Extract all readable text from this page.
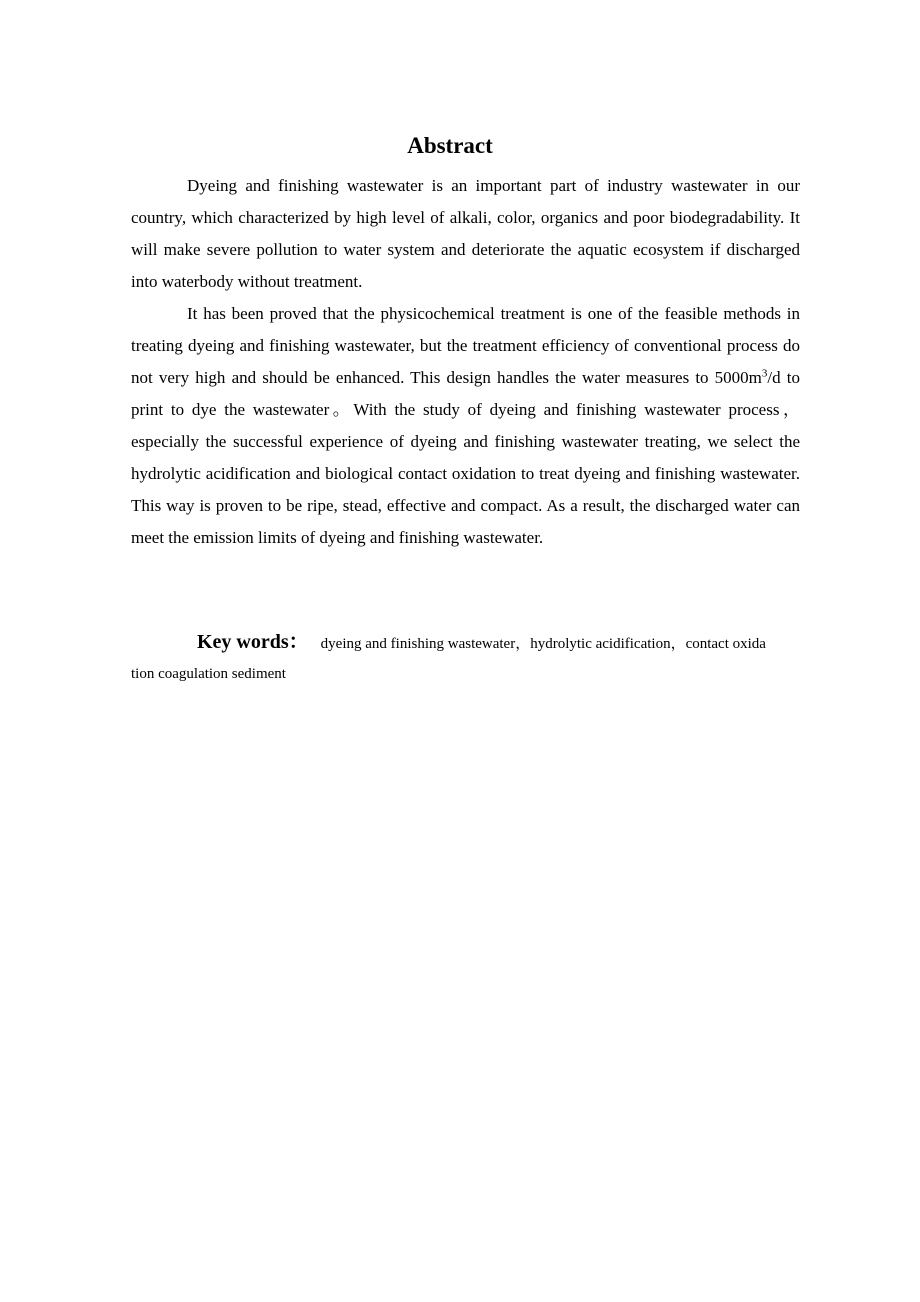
Abstract

Dyeing and finishing wastewater is an important part of industry wastewater in our country, which characterized by high level of alkali, color, organics and poor biodegradability. It will make severe pollution to water system and deteriorate the aquatic ecosystem if discharged into waterbody without treatment.

It has been proved that the physicochemical treatment is one of the feasible methods in treating dyeing and finishing wastewater, but the treatment efficiency of conventional process do not very high and should be enhanced. This design handles the water measures to $5000m^3/d$ to print to dye the wastewater。With the study of dyeing and finishing wastewater process，especially the successful experience of dyeing and finishing wastewater treating, we select the hydrolytic acidification and biological contact oxidation to treat dyeing and finishing wastewater. This way is proven to be ripe, stead, effective and compact. As a result, the discharged water can meet the emission limits of dyeing and finishing wastewater.

Key words： dyeing and finishing wastewater，hydrolytic acidification，contact oxida
tion coagulation sediment
